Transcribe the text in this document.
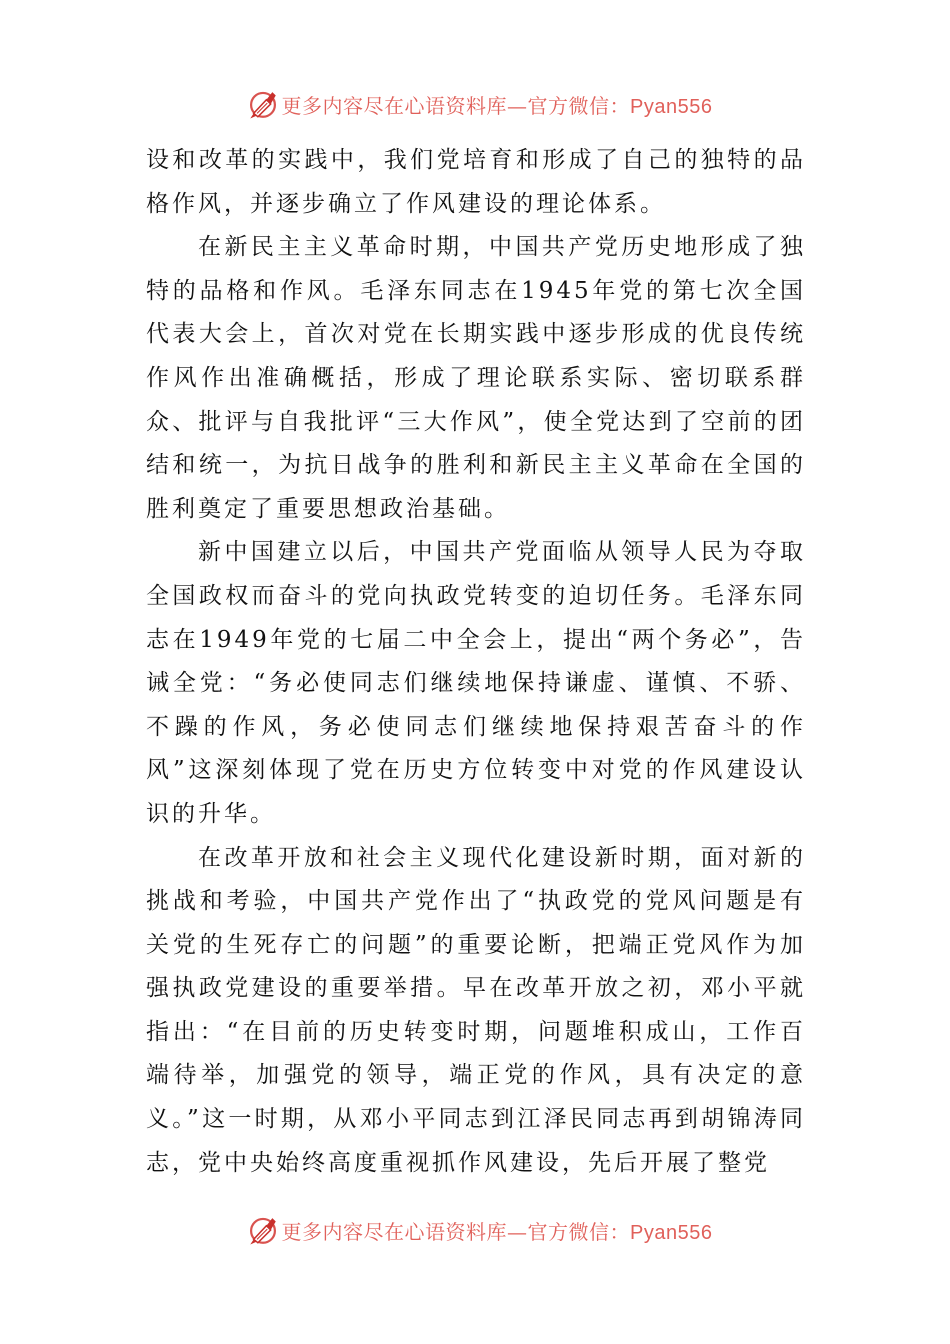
更多内容尽在心语资料库—官方微信：Pyan556

设和改革的实践中，我们党培育和形成了自己的独特的品格作风，并逐步确立了作风建设的理论体系。

在新民主主义革命时期，中国共产党历史地形成了独特的品格和作风。毛泽东同志在1945年党的第七次全国代表大会上，首次对党在长期实践中逐步形成的优良传统作风作出准确概括，形成了理论联系实际、密切联系群众、批评与自我批评“三大作风”，使全党达到了空前的团结和统一，为抗日战争的胜利和新民主主义革命在全国的胜利奠定了重要思想政治基础。

新中国建立以后，中国共产党面临从领导人民为夺取全国政权而奋斗的党向执政党转变的迫切任务。毛泽东同志在1949年党的七届二中全会上，提出“两个务必”，告诫全党：“务必使同志们继续地保持谦虚、谨慎、不骄、不躁的作风，务必使同志们继续地保持艰苦奋斗的作风”这深刻体现了党在历史方位转变中对党的作风建设认识的升华。

在改革开放和社会主义现代化建设新时期，面对新的挑战和考验，中国共产党作出了“执政党的党风问题是有关党的生死存亡的问题”的重要论断，把端正党风作为加强执政党建设的重要举措。早在改革开放之初，邓小平就指出：“在目前的历史转变时期，问题堆积成山，工作百端待举，加强党的领导，端正党的作风，具有决定的意义。”这一时期，从邓小平同志到江泽民同志再到胡锦涛同志，党中央始终高度重视抓作风建设，先后开展了整党

更多内容尽在心语资料库—官方微信：Pyan556
